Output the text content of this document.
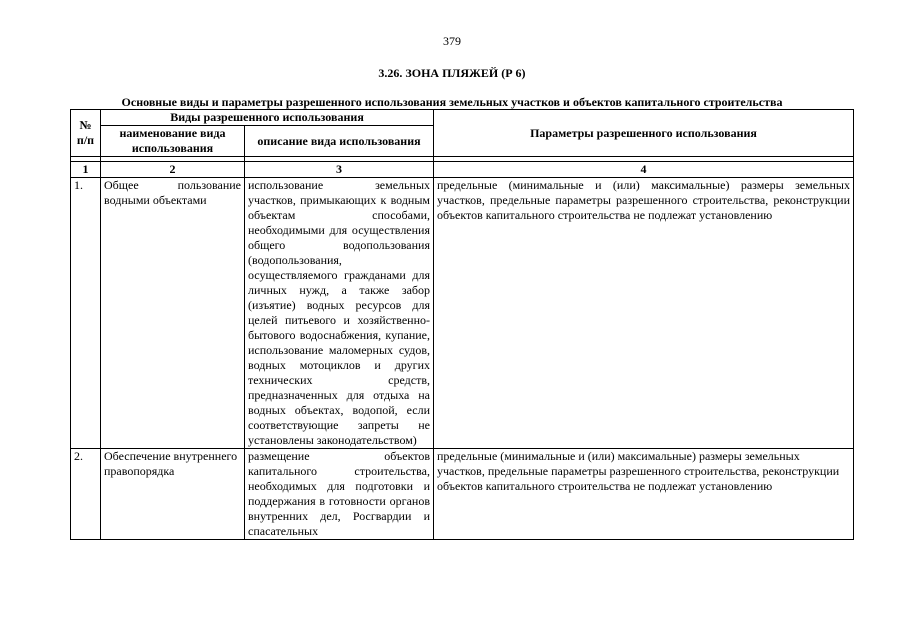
379
3.26. ЗОНА ПЛЯЖЕЙ (Р 6)
Основные виды и параметры разрешенного использования земельных участков и объектов капитального строительства
№ п/п	Виды разрешенного использования		Параметры разрешенного использования
	наименование вида использования	описание вида использования	

1	2	3	4
1.	Общее пользование водными объектами	использование земельных участков, примыкающих к водным объектам способами, необходимыми для осуществления общего водопользования (водопользования, осуществляемого гражданами для личных нужд, а также забор (изъятие) водных ресурсов для целей питьевого и хозяйственно-бытового водоснабжения, купание, использование маломерных судов, водных мотоциклов и других технических средств, предназначенных для отдыха на водных объектах, водопой, если соответствующие запреты не установлены законодательством)	предельные (минимальные и (или) максимальные) размеры земельных участков, предельные параметры разрешенного строительства, реконструкции объектов капитального строительства не подлежат установлению
2.	Обеспечение внутреннего правопорядка	размещение объектов капитального строительства, необходимых для подготовки и поддержания в готовности органов внутренних дел, Росгвардии и спасательных	предельные (минимальные и (или) максимальные) размеры земельных участков, предельные параметры разрешенного строительства, реконструкции объектов капитального строительства не подлежат установлению
